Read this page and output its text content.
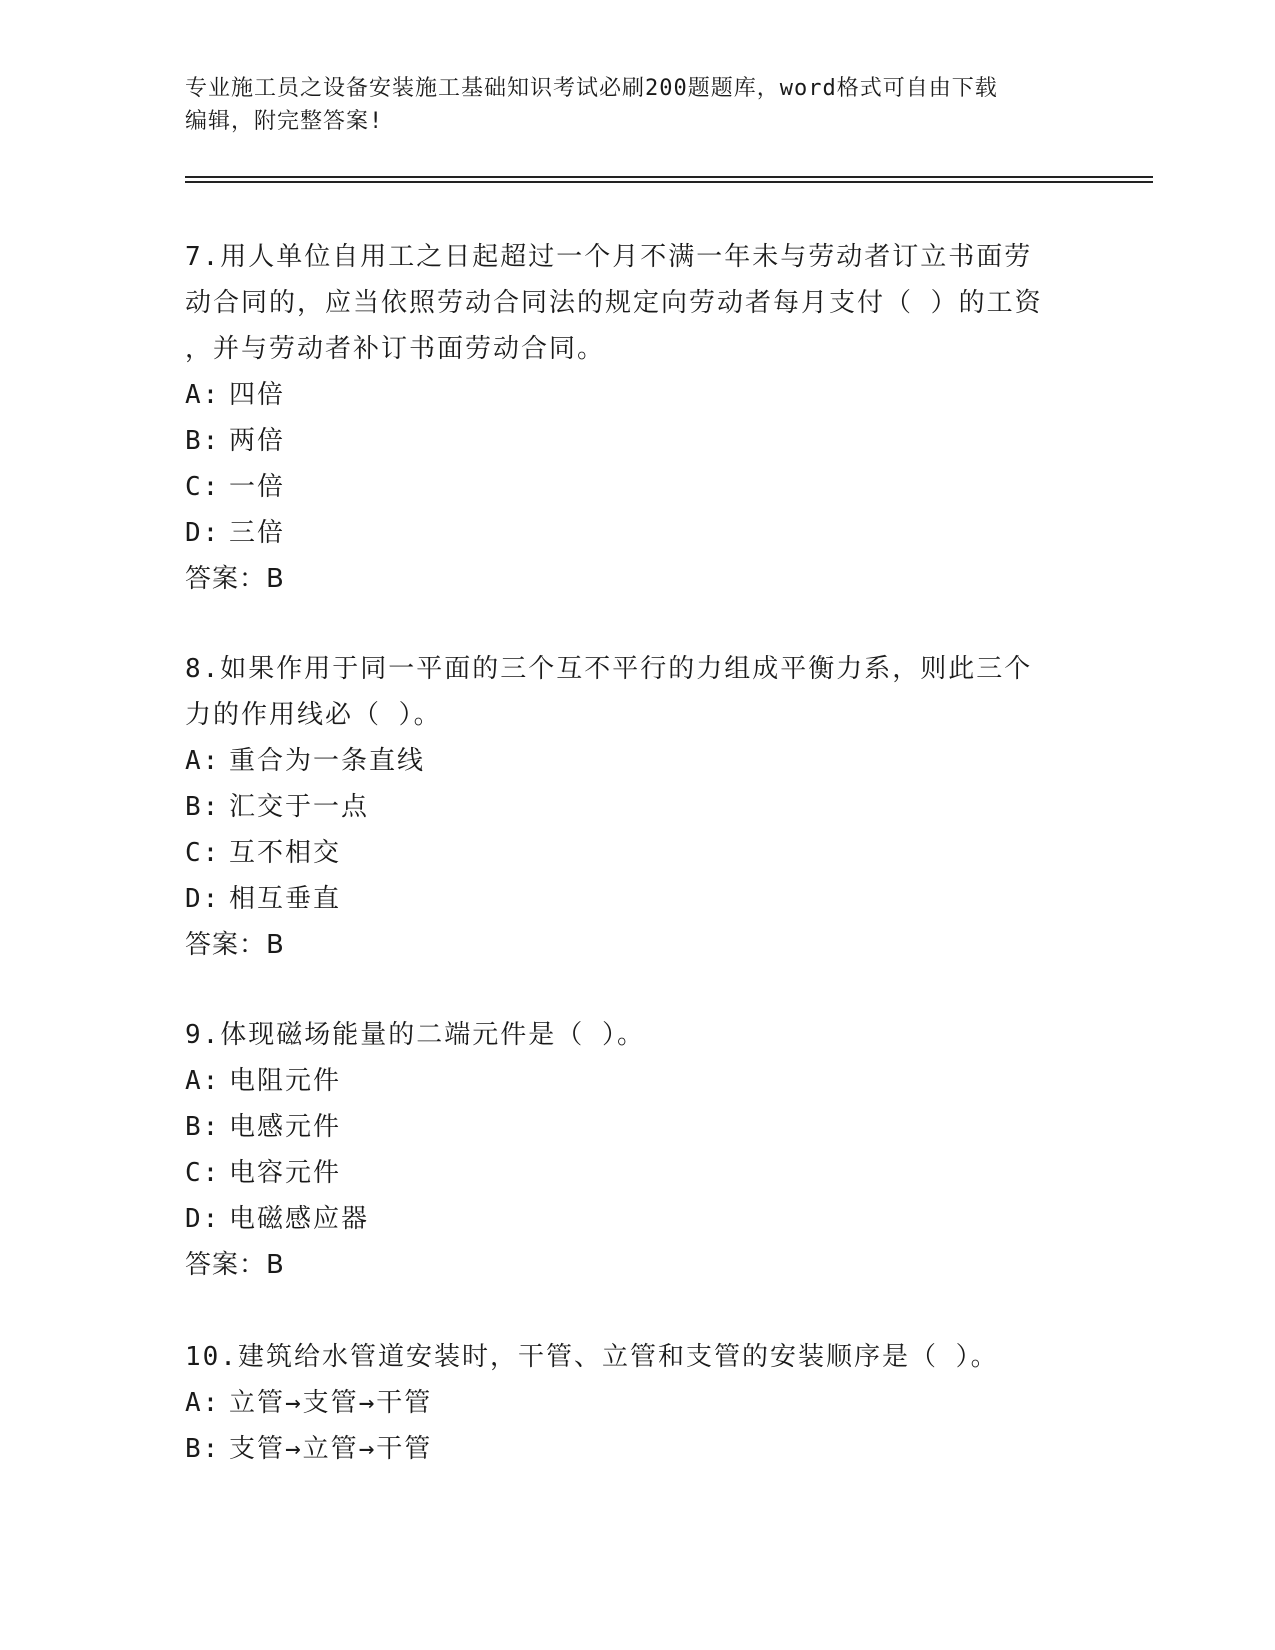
专业施工员之设备安装施工基础知识考试必刷200题题库，word格式可自由下载
编辑，附完整答案!
7.用人单位自用工之日起超过一个月不满一年未与劳动者订立书面劳
动合同的，应当依照劳动合同法的规定向劳动者每月支付（ ）的工资
，并与劳动者补订书面劳动合同。
A: 四倍
B: 两倍
C: 一倍
D: 三倍
答案：B
8.如果作用于同一平面的三个互不平行的力组成平衡力系，则此三个
力的作用线必（ ）。
A: 重合为一条直线
B: 汇交于一点
C: 互不相交
D: 相互垂直
答案：B
9.体现磁场能量的二端元件是（ ）。
A: 电阻元件
B: 电感元件
C: 电容元件
D: 电磁感应器
答案：B
10.建筑给水管道安装时，干管、立管和支管的安装顺序是（ ）。
A: 立管→支管→干管
B: 支管→立管→干管
